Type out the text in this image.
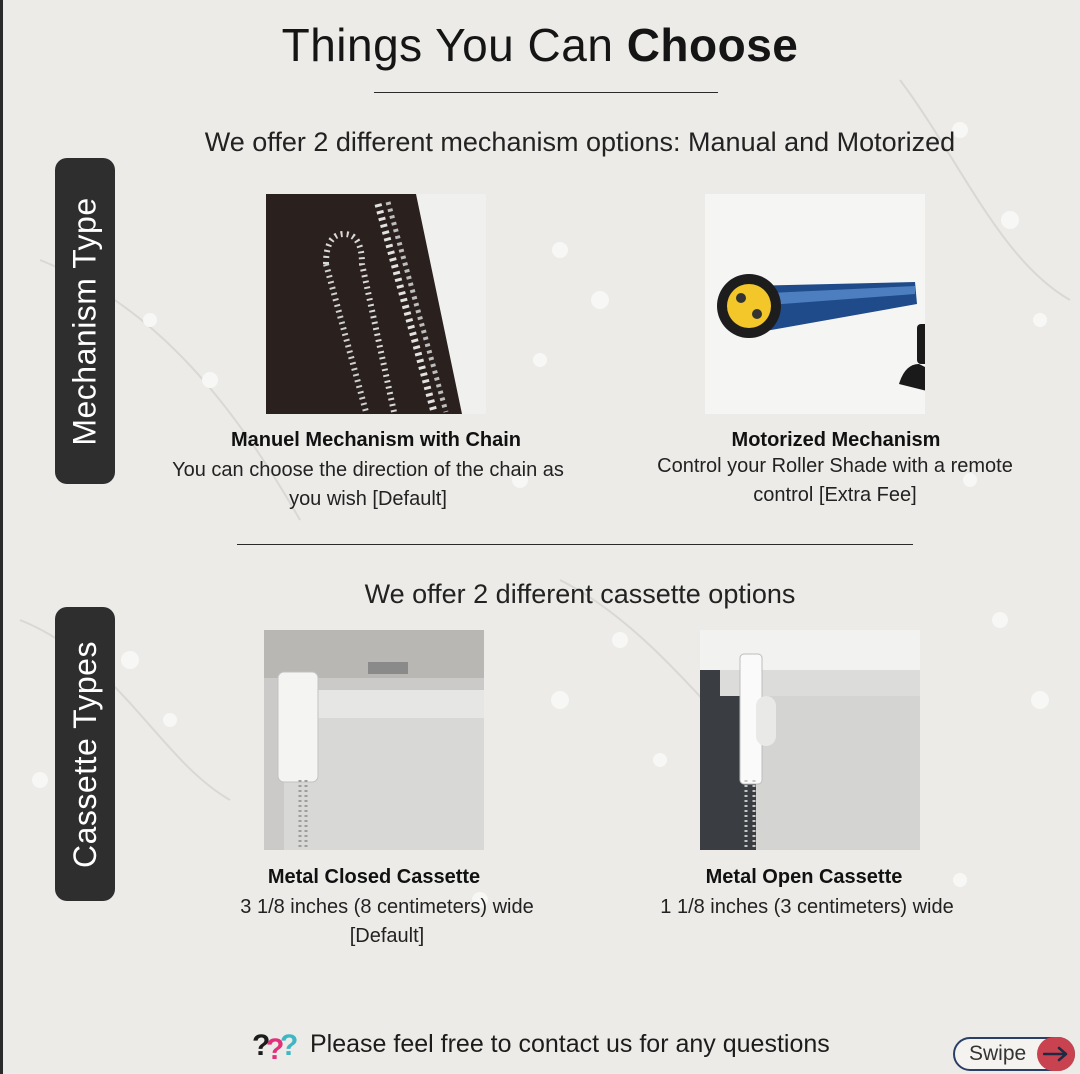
Things You Can Choose
We offer 2 different mechanism options: Manual and Motorized
Mechanism Type	Manuel Mechanism with Chain
You can choose the direction of the chain as
you wish [Default]
Motorized Mechanism
Control your Roller Shade with a remote
control [Extra Fee]
We offer 2 different cassette options
Cassette Types
Metal Closed Cassette
3 1/8 inches (8 centimeters) wide
[Default]
Metal Open Cassette
1 1/8 inches (3 centimeters) wide
?
?
? Please feel free to contact us for any questions	Swipe
